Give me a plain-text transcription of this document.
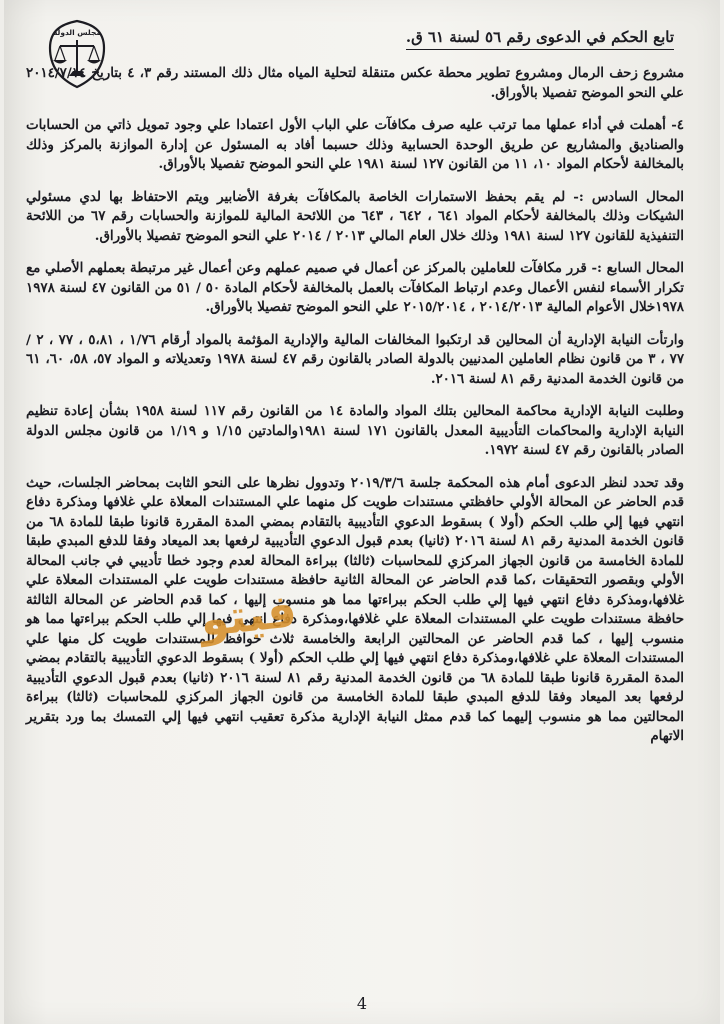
مجلس الدولة	تابع الحكم في الدعوى رقم ٥٦ لسنة ٦١ ق.

مشروع زحف الرمال ومشروع تطوير محطة عكس متنقلة لتحلية المياه مثال ذلك المستند رقم ٣، ٤ بتاريخ ٢٠١٤/٧/١٤ علي النحو الموضح تفصيلا بالأوراق.

٤- أهملت في أداء عملها مما ترتب عليه صرف مكافآت علي الباب الأول اعتمادا علي وجود تمويل ذاتي من الحسابات والصناديق والمشاريع عن طريق الوحدة الحسابية وذلك حسبما أفاد به المسئول عن إدارة الموازنة بالمركز وذلك بالمخالفة لأحكام المواد ١٠، ١١ من القانون ١٢٧ لسنة ١٩٨١ علي النحو الموضح تفصيلا بالأوراق.

المحال السادس :- لم يقم بحفظ الاستمارات الخاصة بالمكافآت بغرفة الأضابير ويتم الاحتفاظ بها لدي مسئولي الشيكات وذلك بالمخالفة لأحكام المواد ٦٤١ ، ٦٤٢ ، ٦٤٣ من اللائحة المالية للموازنة والحسابات رقم ٦٧ من اللائحة التنفيذية للقانون ١٢٧ لسنة ١٩٨١ وذلك خلال العام المالي ٢٠١٣ / ٢٠١٤ علي النحو الموضح تفصيلا بالأوراق.

المحال السابع :- قرر مكافآت للعاملين بالمركز عن أعمال في صميم عملهم وعن أعمال غير مرتبطة بعملهم الأصلي مع تكرار الأسماء لنفس الأعمال وعدم ارتباط المكافآت بالعمل بالمخالفة لأحكام المادة ٥٠ / ٥١ من القانون ٤٧ لسنة ١٩٧٨ ١٩٧٨خلال الأعوام المالية ٢٠١٤/٢٠١٣ ، ٢٠١٥/٢٠١٤ علي النحو الموضح تفصيلا بالأوراق.

وارتأت النيابة الإدارية أن المحالين قد ارتكبوا المخالفات المالية والإدارية المؤثمة بالمواد أرقام ١/٧٦ ، ٥،٨١ ، ٧٧ ، ٢ / ٧٧ ، ٣ من قانون نظام العاملين المدنيين بالدولة الصادر بالقانون رقم ٤٧ لسنة ١٩٧٨ وتعديلاته و المواد ٥٧، ٥٨، ٦٠، ٦١ من قانون الخدمة المدنية رقم ٨١ لسنة ٢٠١٦.

وطلبت النيابة الإدارية محاكمة المحالين بتلك المواد والمادة ١٤ من القانون رقم ١١٧ لسنة ١٩٥٨ بشأن إعادة تنظيم النيابة الإدارية والمحاكمات التأديبية المعدل بالقانون ١٧١ لسنة ١٩٨١والمادتين ١/١٥ و ١/١٩ من قانون مجلس الدولة الصادر بالقانون رقم ٤٧ لسنة ١٩٧٢.

وقد تحدد لنظر الدعوى أمام هذه المحكمة جلسة ٢٠١٩/٣/٦ وتدوول نظرها على النحو الثابت بمحاضر الجلسات، حيث قدم الحاضر عن المحالة الأولي حافظتي مستندات طويت كل منهما علي المستندات المعلاة علي غلافها ومذكرة دفاع انتهي فيها إلي طلب الحكم (أولا ) بسقوط الدعوي التأديبية بالتقادم بمضي المدة المقررة قانونا طبقا للمادة ٦٨ من قانون الخدمة المدنية رقم ٨١ لسنة ٢٠١٦ (ثانيا) بعدم قبول الدعوي التأديبية لرفعها بعد الميعاد وفقا للدفع المبدي طبقا للمادة الخامسة من قانون الجهاز المركزي للمحاسبات (ثالثا) ببراءة المحالة لعدم وجود خطا تأديبي في جانب المحالة الأولي وبقصور التحقيقات ،كما قدم الحاضر عن المحالة الثانية حافظة مستندات طويت علي المستندات المعلاة علي غلافها،ومذكرة دفاع انتهي فيها إلي طلب الحكم ببراءتها مما هو منسوب إليها ، كما قدم الحاضر عن المحالة الثالثة حافظة مستندات طويت علي المستندات المعلاة علي غلافها،ومذكرة دفاع انتهي فيها إلي طلب الحكم ببراءتها مما هو منسوب إليها ، كما قدم الحاضر عن المحالتين الرابعة والخامسة ثلاث حوافظ للمستندات طويت كل منها علي المستندات المعلاة علي غلافها،ومذكرة دفاع انتهي فيها إلي طلب الحكم (أولا ) بسقوط الدعوي التأديبية بالتقادم بمضي المدة المقررة قانونا طبقا للمادة ٦٨ من قانون الخدمة المدنية رقم ٨١ لسنة ٢٠١٦ (ثانيا) بعدم قبول الدعوي التأديبية لرفعها بعد الميعاد وفقا للدفع المبدي طبقا للمادة الخامسة من قانون الجهاز المركزي للمحاسبات (ثالثا) ببراءة المحالتين مما هو منسوب إليهما كما قدم ممثل النيابة الإدارية مذكرة تعقيب انتهي فيها إلي التمسك بما ورد بتقرير الاتهام

فيتو
4
